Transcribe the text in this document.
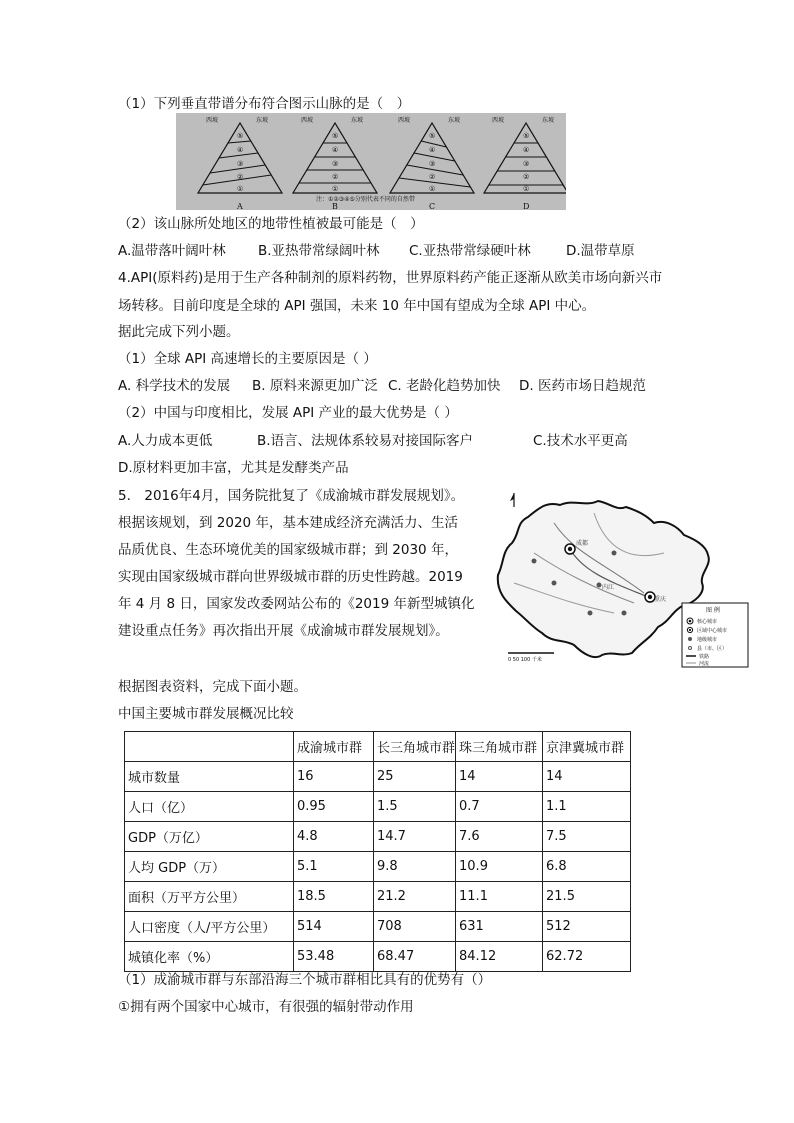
（1）下列垂直带谱分布符合图示山脉的是（　）
①
②
③
④
⑤
西坡	东坡
A
①
②
③
④
⑤
西坡	东坡
B
①
②
③
④
⑤
西坡	东坡
C
①
②
③
④
⑤
西坡	东坡
D
注：①②③④⑤分别代表不同的自然带
（2）该山脉所处地区的地带性植被最可能是（　）
A.温带落叶阔叶林 B.亚热带常绿阔叶林 C.亚热带常绿硬叶林	D.温带草原
4.API(原料药)是用于生产各种制剂的原料药物，世界原料药产能正逐渐从欧美市场向新兴市
场转移。目前印度是全球的 API 强国，未来 10 年中国有望成为全球 API 中心。
据此完成下列小题。
（1）全球 API 高速增长的主要原因是（ ）
A. 科学技术的发展 B. 原料来源更加广泛 C. 老龄化趋势加快 D. 医药市场日趋规范
（2）中国与印度相比，发展 API 产业的最大优势是（ ）
A.人力成本更低	B.语言、法规体系较易对接国际客户	C.技术水平更高
D.原材料更加丰富，尤其是发酵类产品
5.　2016年4月，国务院批复了《成渝城市群发展规划》。
根据该规划，到 2020 年，基本建成经济充满活力、生活
品质优良、生态环境优美的国家级城市群；到 2030 年，
实现由国家级城市群向世界级城市群的历史性跨越。2019
年 4 月 8 日，国家发改委网站公布的《2019 年新型城镇化
建设重点任务》再次指出开展《成渝城市群发展规划》。
成都
重庆
内江
图 例
核心城市
区域中心城市
地级城市
县（市、区）
铁路
河流
0 50 100 千米
根据图表资料，完成下面小题。
中国主要城市群发展概况比较
	成渝城市群	长三角城市群	珠三角城市群	京津冀城市群
城市数量	16	25	14	14
人口（亿）	0.95	1.5	0.7	1.1
GDP（万亿）	4.8	14.7	7.6	7.5
人均 GDP（万）	5.1	9.8	10.9	6.8
面积（万平方公里）	18.5	21.2	11.1	21.5
人口密度（人/平方公里）	514	708	631	512
城镇化率（%）	53.48	68.47	84.12	62.72
（1）成渝城市群与东部沿海三个城市群相比具有的优势有（）
①拥有两个国家中心城市，有很强的辐射带动作用
